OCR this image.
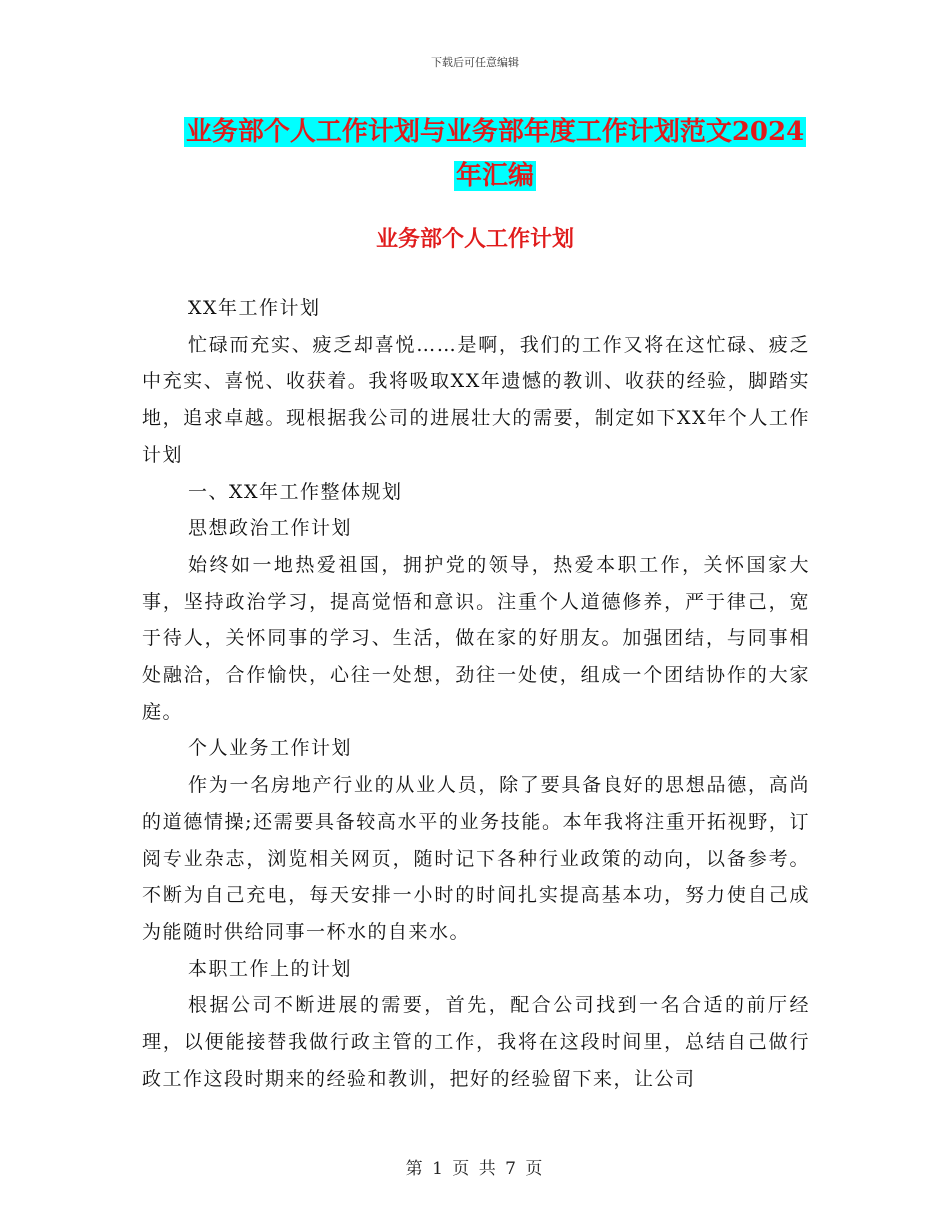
下载后可任意编辑
业务部个人工作计划与业务部年度工作计划范文2024
年汇编
业务部个人工作计划

XX年工作计划

忙碌而充实、疲乏却喜悦……是啊，我们的工作又将在这忙碌、疲乏中充实、喜悦、收获着。我将吸取XX年遗憾的教训、收获的经验，脚踏实地，追求卓越。现根据我公司的进展壮大的需要，制定如下XX年个人工作计划

一、XX年工作整体规划

思想政治工作计划

始终如一地热爱祖国，拥护党的领导，热爱本职工作，关怀国家大事，坚持政治学习，提高觉悟和意识。注重个人道德修养，严于律己，宽于待人，关怀同事的学习、生活，做在家的好朋友。加强团结，与同事相处融洽，合作愉快，心往一处想，劲往一处使，组成一个团结协作的大家庭。

个人业务工作计划

作为一名房地产行业的从业人员，除了要具备良好的思想品德，高尚的道德情操;还需要具备较高水平的业务技能。本年我将注重开拓视野，订阅专业杂志，浏览相关网页，随时记下各种行业政策的动向，以备参考。不断为自己充电，每天安排一小时的时间扎实提高基本功，努力使自己成为能随时供给同事一杯水的自来水。

本职工作上的计划

根据公司不断进展的需要，首先，配合公司找到一名合适的前厅经理，以便能接替我做行政主管的工作，我将在这段时间里，总结自己做行政工作这段时期来的经验和教训，把好的经验留下来，让公司

第 1 页 共 7 页
